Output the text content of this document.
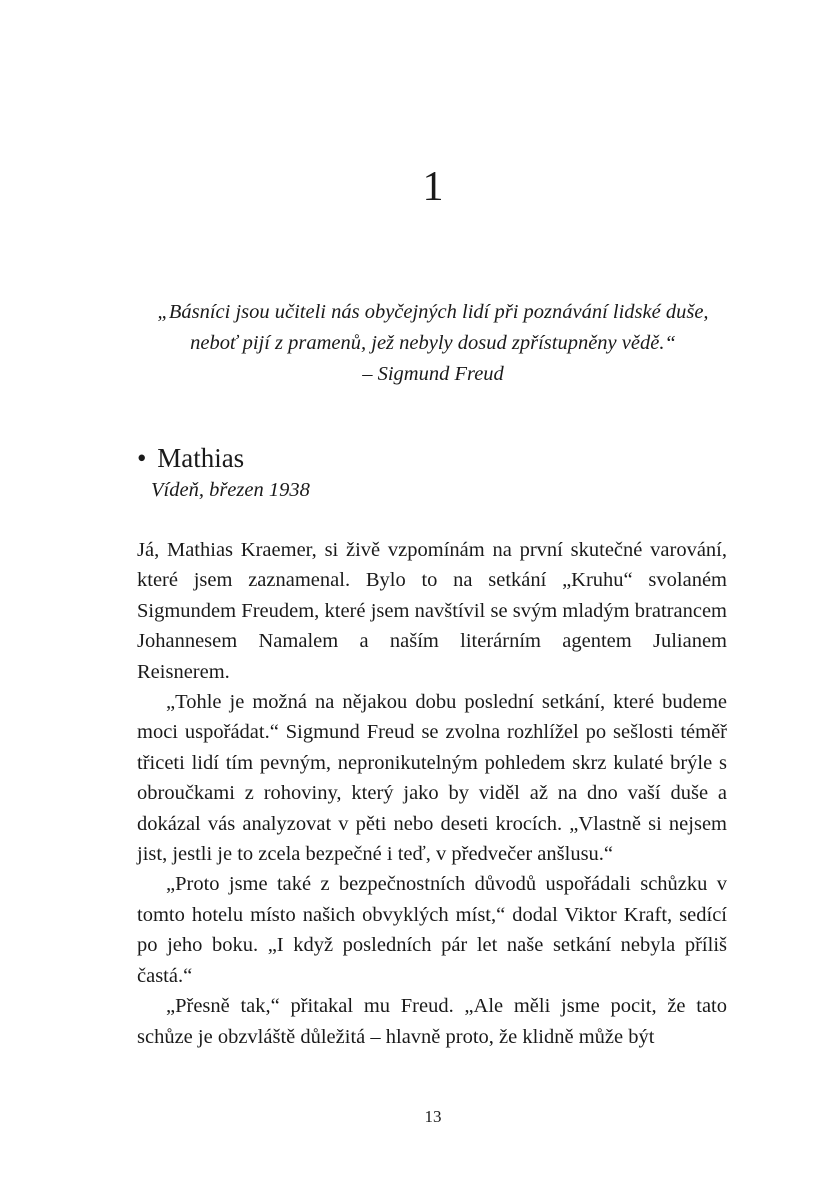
1
„Básníci jsou učiteli nás obyčejných lidí při poznávání lidské duše,
neboť pijí z pramenů, jež nebyly dosud zpřístupněny vědě.“
– Sigmund Freud
• Mathias
Vídeň, březen 1938

Já, Mathias Kraemer, si živě vzpomínám na první skutečné varování, které jsem zaznamenal. Bylo to na setkání „Kruhu“ svolaném Sigmundem Freudem, které jsem navštívil se svým mladým bratrancem Johannesem Namalem a naším literárním agentem Julianem Reisnerem.

„Tohle je možná na nějakou dobu poslední setkání, které budeme moci uspořádat.“ Sigmund Freud se zvolna rozhlížel po sešlosti téměř třiceti lidí tím pevným, nepronikutelným pohledem skrz kulaté brýle s obroučkami z rohoviny, který jako by viděl až na dno vaší duše a dokázal vás analyzovat v pěti nebo deseti krocích. „Vlastně si nejsem jist, jestli je to zcela bezpečné i teď, v předvečer anšlusu.“

„Proto jsme také z bezpečnostních důvodů uspořádali schůzku v tomto hotelu místo našich obvyklých míst,“ dodal Viktor Kraft, sedící po jeho boku. „I když posledních pár let naše setkání nebyla příliš častá.“

„Přesně tak,“ přitakal mu Freud. „Ale měli jsme pocit, že tato schůze je obzvláště důležitá – hlavně proto, že klidně může být

13
